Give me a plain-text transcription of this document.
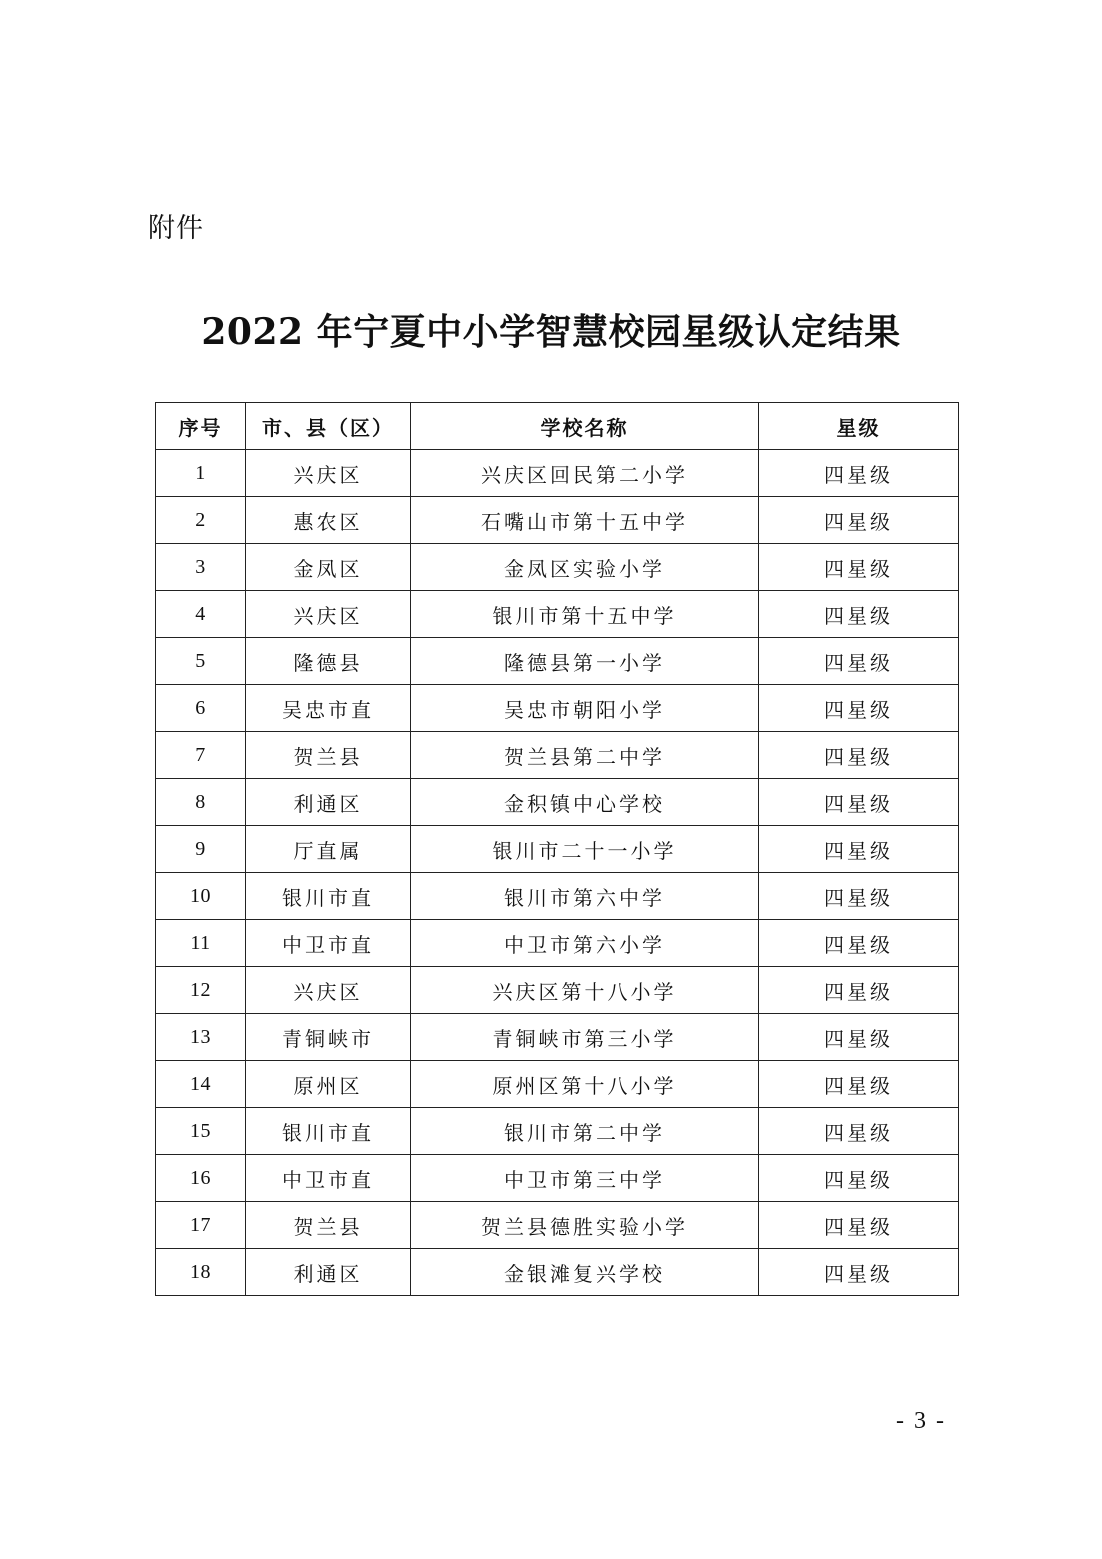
附件
2022 年宁夏中小学智慧校园星级认定结果
序号	市、县（区）	学校名称	星级
1	兴庆区	兴庆区回民第二小学	四星级
2	惠农区	石嘴山市第十五中学	四星级
3	金凤区	金凤区实验小学	四星级
4	兴庆区	银川市第十五中学	四星级
5	隆德县	隆德县第一小学	四星级
6	吴忠市直	吴忠市朝阳小学	四星级
7	贺兰县	贺兰县第二中学	四星级
8	利通区	金积镇中心学校	四星级
9	厅直属	银川市二十一小学	四星级
10	银川市直	银川市第六中学	四星级
11	中卫市直	中卫市第六小学	四星级
12	兴庆区	兴庆区第十八小学	四星级
13	青铜峡市	青铜峡市第三小学	四星级
14	原州区	原州区第十八小学	四星级
15	银川市直	银川市第二中学	四星级
16	中卫市直	中卫市第三中学	四星级
17	贺兰县	贺兰县德胜实验小学	四星级
18	利通区	金银滩复兴学校	四星级
- 3 -
